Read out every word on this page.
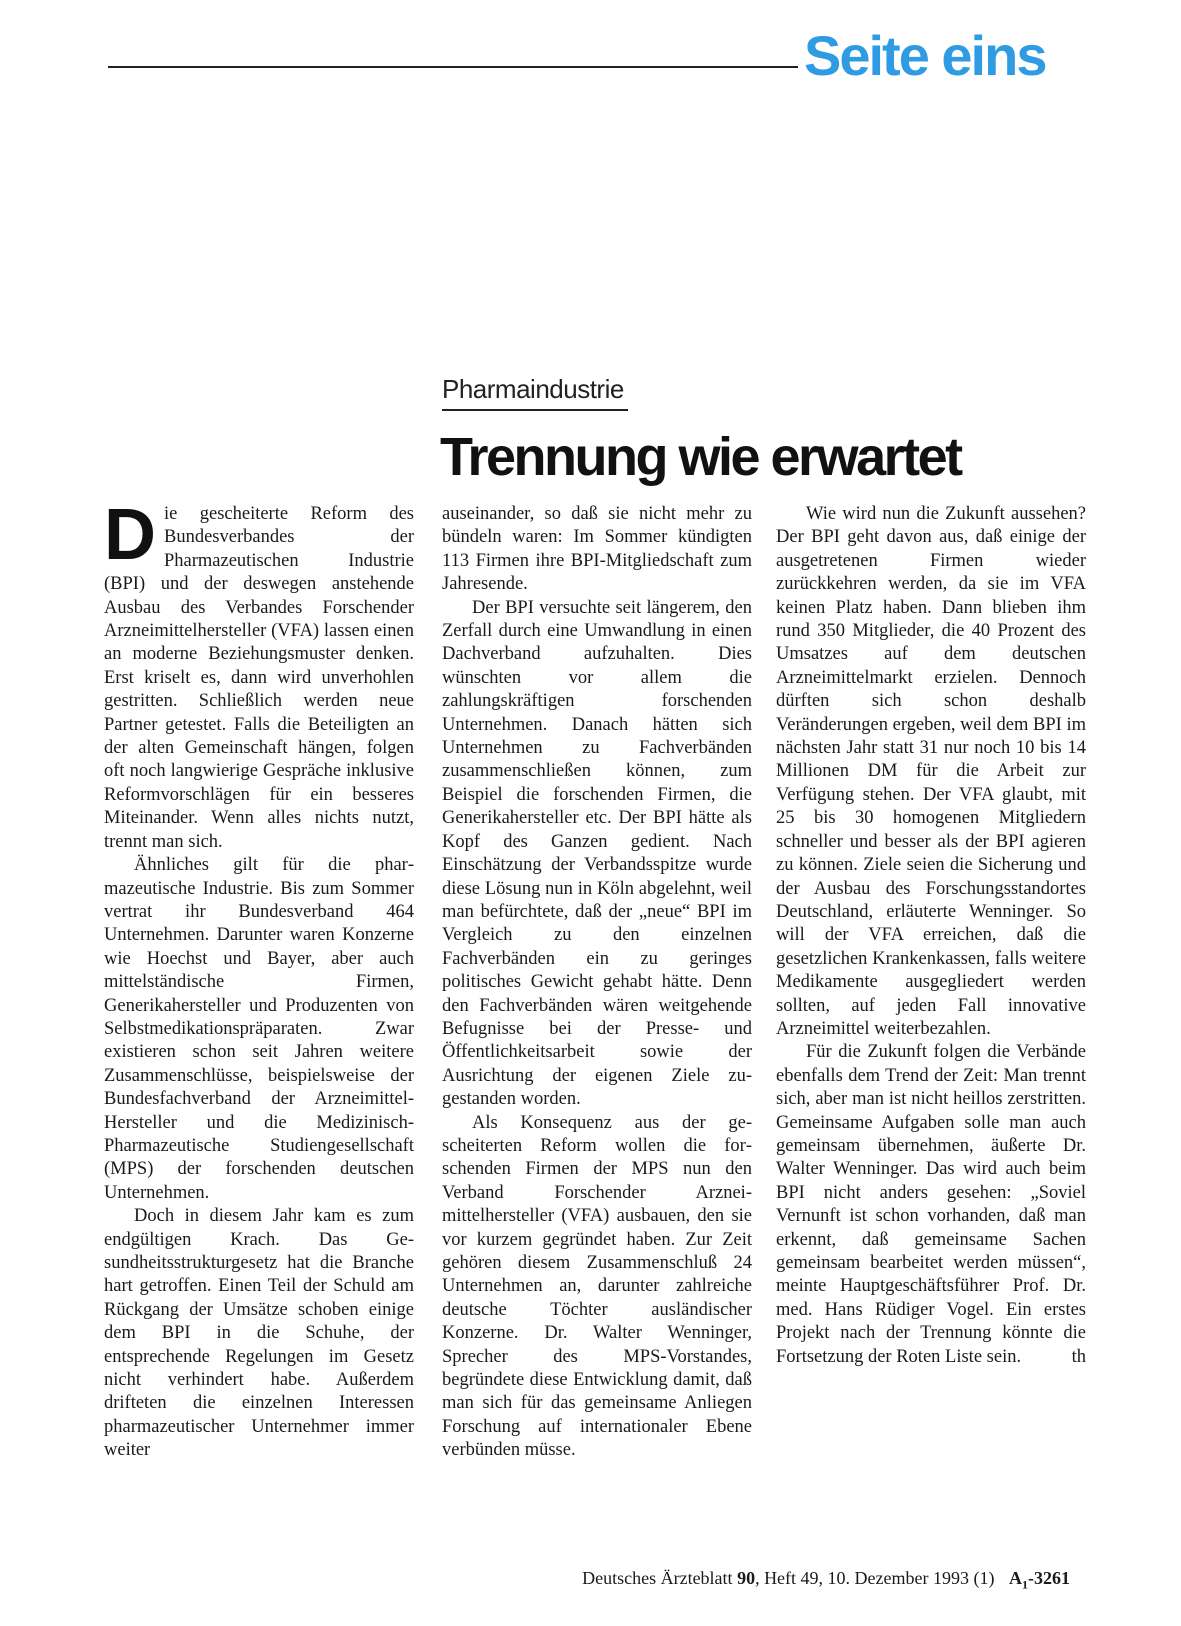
Seite eins
Pharmaindustrie
Trennung wie erwartet

Die gescheiterte Reform des Bundesverbandes der Pharmazeutischen Industrie (BPI) und der deswegen anstehende Ausbau des Verbandes Forschender Arzneimittelhersteller (VFA) lassen einen an moderne Beziehungsmuster denken. Erst kriselt es, dann wird unverhohlen gestritten. Schließlich werden neue Partner getestet. Falls die Beteiligten an der alten Gemeinschaft hängen, folgen oft noch langwierige Gespräche inklusive Reformvorschlägen für ein besseres Miteinander. Wenn alles nichts nutzt, trennt man sich.

Ähnliches gilt für die pharmazeutische Industrie. Bis zum Sommer vertrat ihr Bundesverband 464 Unternehmen. Darunter waren Konzerne wie Hoechst und Bayer, aber auch mittelständische Firmen, Generikahersteller und Produzenten von Selbstmedikationspräparaten. Zwar existieren schon seit Jahren weitere Zusammenschlüsse, beispielsweise der Bundesfachverband der Arzneimittel-Hersteller und die Medizinisch-Pharmazeutische Studiengesellschaft (MPS) der forschenden deutschen Unternehmen.

Doch in diesem Jahr kam es zum endgültigen Krach. Das Gesundheitsstrukturgesetz hat die Branche hart getroffen. Einen Teil der Schuld am Rückgang der Umsätze schoben einige dem BPI in die Schuhe, der entsprechende Regelungen im Gesetz nicht verhindert habe. Außerdem drifteten die einzelnen Interessen pharmazeutischer Unternehmer immer weiter

auseinander, so daß sie nicht mehr zu bündeln waren: Im Sommer kündigten 113 Firmen ihre BPI-Mitgliedschaft zum Jahresende.

Der BPI versuchte seit längerem, den Zerfall durch eine Umwandlung in einen Dachverband aufzuhalten. Dies wünschten vor allem die zahlungskräftigen forschenden Unternehmen. Danach hätten sich Unternehmen zu Fachverbänden zusammenschließen können, zum Beispiel die forschenden Firmen, die Generikahersteller etc. Der BPI hätte als Kopf des Ganzen gedient. Nach Einschätzung der Verbandsspitze wurde diese Lösung nun in Köln abgelehnt, weil man befürchtete, daß der „neue“ BPI im Vergleich zu den einzelnen Fachverbänden ein zu geringes politisches Gewicht gehabt hätte. Denn den Fachverbänden wären weitgehende Befugnisse bei der Presse- und Öffentlichkeitsarbeit sowie der Ausrichtung der eigenen Ziele zugestanden worden.

Als Konsequenz aus der gescheiterten Reform wollen die forschenden Firmen der MPS nun den Verband Forschender Arzneimittelhersteller (VFA) ausbauen, den sie vor kurzem gegründet haben. Zur Zeit gehören diesem Zusammenschluß 24 Unternehmen an, darunter zahlreiche deutsche Töchter ausländischer Konzerne. Dr. Walter Wenninger, Sprecher des MPS-Vorstandes, begründete diese Entwicklung damit, daß man sich für das gemeinsame Anliegen Forschung auf internationaler Ebene verbünden müsse.

Wie wird nun die Zukunft aussehen? Der BPI geht davon aus, daß einige der ausgetretenen Firmen wieder zurückkehren werden, da sie im VFA keinen Platz haben. Dann blieben ihm rund 350 Mitglieder, die 40 Prozent des Umsatzes auf dem deutschen Arzneimittelmarkt erzielen. Dennoch dürften sich schon deshalb Veränderungen ergeben, weil dem BPI im nächsten Jahr statt 31 nur noch 10 bis 14 Millionen DM für die Arbeit zur Verfügung stehen. Der VFA glaubt, mit 25 bis 30 homogenen Mitgliedern schneller und besser als der BPI agieren zu können. Ziele seien die Sicherung und der Ausbau des Forschungsstandortes Deutschland, erläuterte Wenninger. So will der VFA erreichen, daß die gesetzlichen Krankenkassen, falls weitere Medikamente ausgegliedert werden sollten, auf jeden Fall innovative Arzneimittel weiterbezahlen.

Für die Zukunft folgen die Verbände ebenfalls dem Trend der Zeit: Man trennt sich, aber man ist nicht heillos zerstritten. Gemeinsame Aufgaben solle man auch gemeinsam übernehmen, äußerte Dr. Walter Wenninger. Das wird auch beim BPI nicht anders gesehen: „Soviel Vernunft ist schon vorhanden, daß man erkennt, daß gemeinsame Sachen gemeinsam bearbeitet werden müssen“, meinte Hauptgeschäftsführer Prof. Dr. med. Hans Rüdiger Vogel. Ein erstes Projekt nach der Trennung könnte die Fortsetzung der Roten Liste sein.	th

Deutsches Ärzteblatt 90, Heft 49, 10. Dezember 1993 (1) $A_1-3261$
